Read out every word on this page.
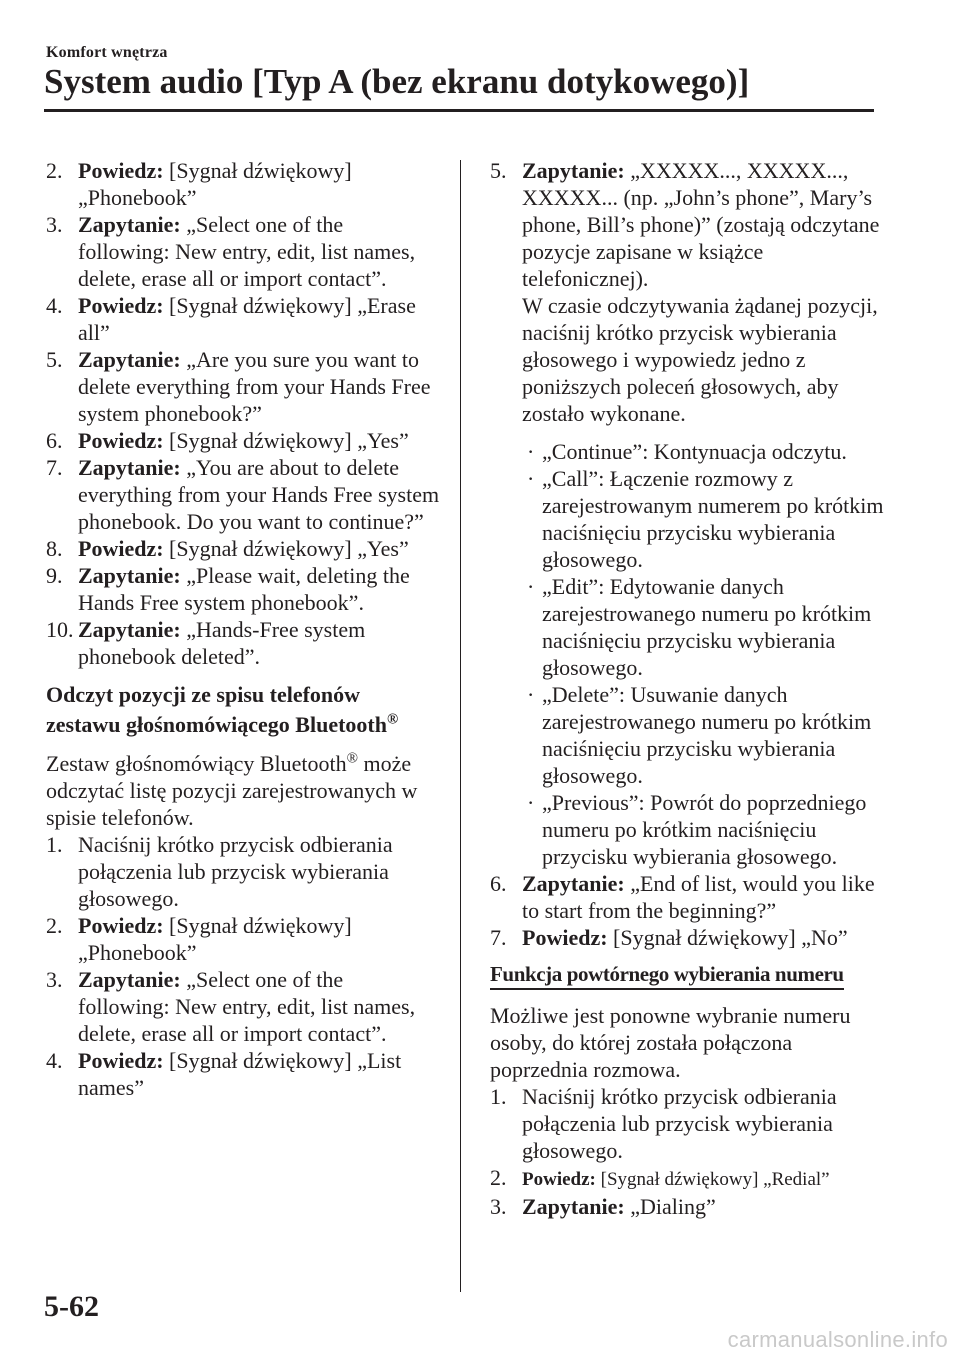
Komfort wnętrza
System audio [Typ A (bez ekranu dotykowego)]
2. Powiedz: [Sygnał dźwiękowy] „Phonebook”
3. Zapytanie: „Select one of the following: New entry, edit, list names, delete, erase all or import contact”.
4. Powiedz: [Sygnał dźwiękowy] „Erase all”
5. Zapytanie: „Are you sure you want to delete everything from your Hands Free system phonebook?”
6. Powiedz: [Sygnał dźwiękowy] „Yes”
7. Zapytanie: „You are about to delete everything from your Hands Free system phonebook. Do you want to continue?”
8. Powiedz: [Sygnał dźwiękowy] „Yes”
9. Zapytanie: „Please wait, deleting the Hands Free system phonebook”.
10. Zapytanie: „Hands-Free system phonebook deleted”.
Odczyt pozycji ze spisu telefonów
zestawu głośnomówiącego Bluetooth®
Zestaw głośnomówiący Bluetooth® może odczytać listę pozycji zarejestrowanych w spisie telefonów.
1. Naciśnij krótko przycisk odbierania połączenia lub przycisk wybierania głosowego.
2. Powiedz: [Sygnał dźwiękowy] „Phonebook”
3. Zapytanie: „Select one of the following: New entry, edit, list names, delete, erase all or import contact”.
4. Powiedz: [Sygnał dźwiękowy] „List names”
5. Zapytanie: „XXXXX..., XXXXX..., XXXXX... (np. „John’s phone”, Mary’s phone, Bill’s phone)” (zostają odczytane pozycje zapisane w książce telefonicznej).
W czasie odczytywania żądanej pozycji, naciśnij krótko przycisk wybierania głosowego i wypowiedz jedno z poniższych poleceń głosowych, aby zostało wykonane.
· „Continue”: Kontynuacja odczytu.
· „Call”: Łączenie rozmowy z zarejestrowanym numerem po krótkim naciśnięciu przycisku wybierania głosowego.
· „Edit”: Edytowanie danych zarejestrowanego numeru po krótkim naciśnięciu przycisku wybierania głosowego.
· „Delete”: Usuwanie danych zarejestrowanego numeru po krótkim naciśnięciu przycisku wybierania głosowego.
· „Previous”: Powrót do poprzedniego numeru po krótkim naciśnięciu przycisku wybierania głosowego.
6. Zapytanie: „End of list, would you like to start from the beginning?”
7. Powiedz: [Sygnał dźwiękowy] „No”
Funkcja powtórnego wybierania numeru
Możliwe jest ponowne wybranie numeru osoby, do której została połączona poprzednia rozmowa.
1. Naciśnij krótko przycisk odbierania połączenia lub przycisk wybierania głosowego.
2. Powiedz: [Sygnał dźwiękowy] „Redial”
3. Zapytanie: „Dialing”
5-62
carmanualsonline.info
